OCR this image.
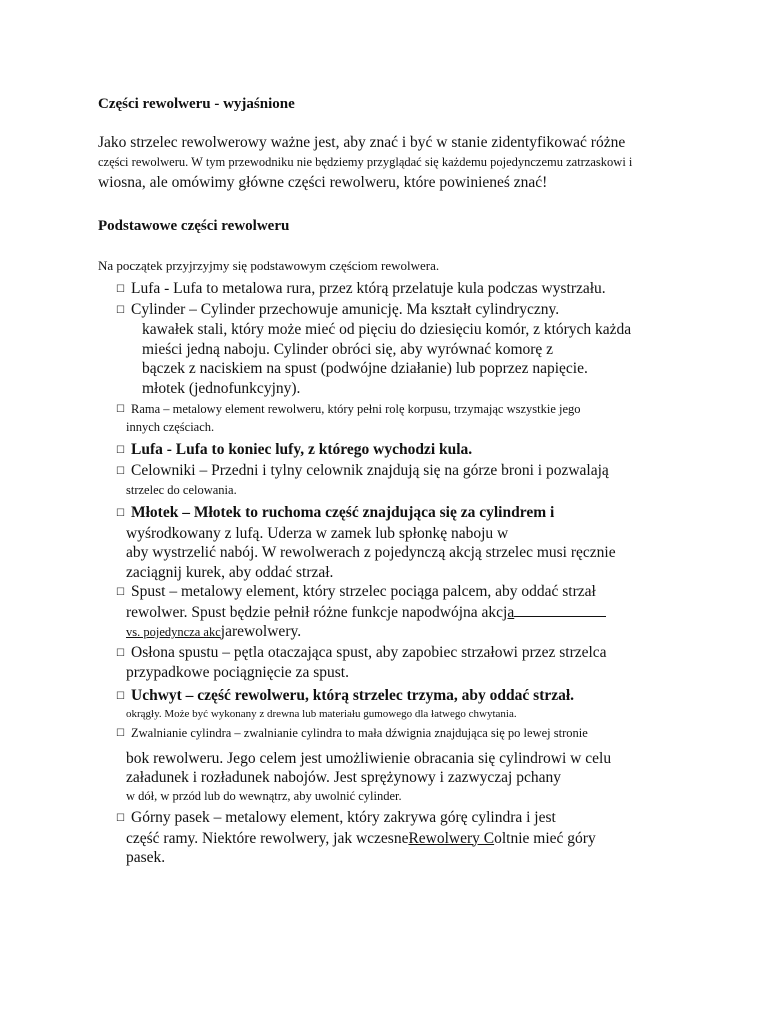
Części rewolweru - wyjaśnione
Jako strzelec rewolwerowy ważne jest, aby znać i być w stanie zidentyfikować różne
części rewolweru. W tym przewodniku nie będziemy przyglądać się każdemu pojedynczemu zatrzaskowi i
wiosna, ale omówimy główne części rewolweru, które powinieneś znać!
Podstawowe części rewolweru
Na początek przyjrzyjmy się podstawowym częściom rewolwera.
☐ Lufa - Lufa to metalowa rura, przez którą przelatuje kula podczas wystrzału.
☐ Cylinder – Cylinder przechowuje amunicję. Ma kształt cylindryczny.
kawałek stali, który może mieć od pięciu do dziesięciu komór, z których każda
mieści jedną naboju. Cylinder obróci się, aby wyrównać komorę z
bączek z naciskiem na spust (podwójne działanie) lub poprzez napięcie.
młotek (jednofunkcyjny).
☐ Rama – metalowy element rewolweru, który pełni rolę korpusu, trzymając wszystkie jego
innych częściach.
☐ Lufa - Lufa to koniec lufy, z którego wychodzi kula.
☐ Celowniki – Przedni i tylny celownik znajdują się na górze broni i pozwalają
strzelec do celowania.
☐ Młotek – Młotek to ruchoma część znajdująca się za cylindrem i
wyśrodkowany z lufą. Uderza w zamek lub spłonkę naboju w
aby wystrzelić nabój. W rewolwerach z pojedynczą akcją strzelec musi ręcznie
zaciągnij kurek, aby oddać strzał.
☐ Spust – metalowy element, który strzelec pociąga palcem, aby oddać strzał
rewolwer. Spust będzie pełnił różne funkcje napodwójna akcja
vs. pojedyncza akcjarewolwery.
☐ Osłona spustu – pętla otaczająca spust, aby zapobiec strzałowi przez strzelca
przypadkowe pociągnięcie za spust.
☐ Uchwyt – część rewolweru, którą strzelec trzyma, aby oddać strzał.
okrągły. Może być wykonany z drewna lub materiału gumowego dla łatwego chwytania.
☐ Zwalnianie cylindra – zwalnianie cylindra to mała dźwignia znajdująca się po lewej stronie
bok rewolweru. Jego celem jest umożliwienie obracania się cylindrowi w celu
załadunek i rozładunek nabojów. Jest sprężynowy i zazwyczaj pchany
w dół, w przód lub do wewnątrz, aby uwolnić cylinder.
☐ Górny pasek – metalowy element, który zakrywa górę cylindra i jest
część ramy. Niektóre rewolwery, jak wczesneRewolwery Coltnie mieć góry
pasek.
